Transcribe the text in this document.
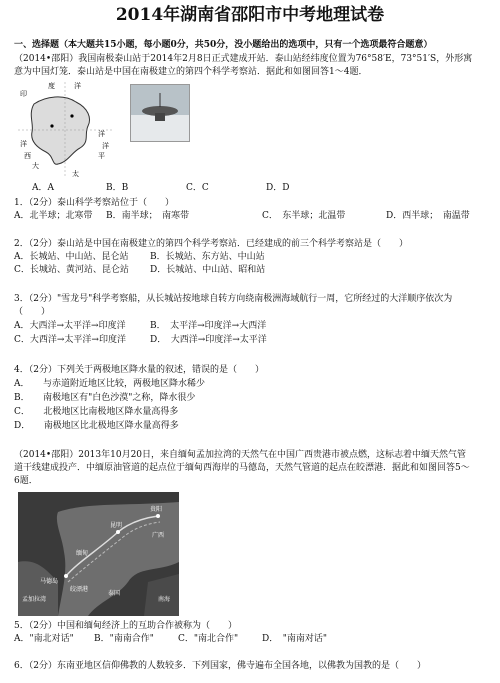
2014年湖南省邵阳市中考地理试卷
一、选择题（本大题共15小题，每小题0分，共50分，没小题给出的选项中，只有一个选项最符合题意）
（2014•邵阳）我国南极泰山站于2014年2月8日正式建成开站．泰山站经纬度位置为76°58′E，73°51′S，外形寓
意为中国灯笼．泰山站是中国在南极建立的第四个科学考察站．据此和如图回答1～4题．
印
度	洋
洋
大
西
洋
太
平
洋
A．A	B．B	C．C	D．D
1．（2分）泰山科学考察站位于（　　）
A．北半球；北寒带 B．南半球；　南寒带	C．　东半球；北温带	D．西半球；　南温带
2．（2分）泰山站是中国在南极建立的第四个科学考察站．已经建成的前三个科学考察站是（　　）
A．长城站、中山站、昆仑站 B．长城站、东方站、中山站
C．长城站、黄河站、昆仑站 D．长城站、中山站、昭和站
3．（2分）"雪龙号"科学考察船，从长城站按地球自转方向绕南极洲海域航行一周，它所经过的大洋顺序依次为
（　　）
A．大西洋→太平洋→印度洋	B．　太平洋→印度洋→大西洋
C．大西洋→太平洋→印度洋	D．　大西洋→印度洋→太平洋
4．（2分）下列关于两极地区降水量的叙述，错误的是（　　）
A．　　与赤道附近地区比较，两极地区降水稀少
B．　　南极地区有"白色沙漠"之称，降水很少
C．　　北极地区比南极地区降水量高得多
D．　　南极地区比北极地区降水量高得多
（2014•邵阳）2013年10月20日，来自缅甸孟加拉湾的天然气在中国广西贵港市被点燃，这标志着中缅天然气管
道干线建成投产．中缅原油管道的起点位于缅甸西海岸的马德岛，天然气管道的起点在皎漂港．据此和如图回答5～
6题．
昆明
贵阳
广西
缅甸
马德岛
皎漂港
孟加拉湾
泰国
南海
5．（2分）中国和缅甸经济上的互助合作被称为（　　）
A．"南北对话" B．"南南合作"	C．"南北合作"	D．　"南南对话"
6．（2分）东南亚地区信仰佛教的人数较多．下列国家，佛寺遍布全国各地，以佛教为国教的是（　　）
